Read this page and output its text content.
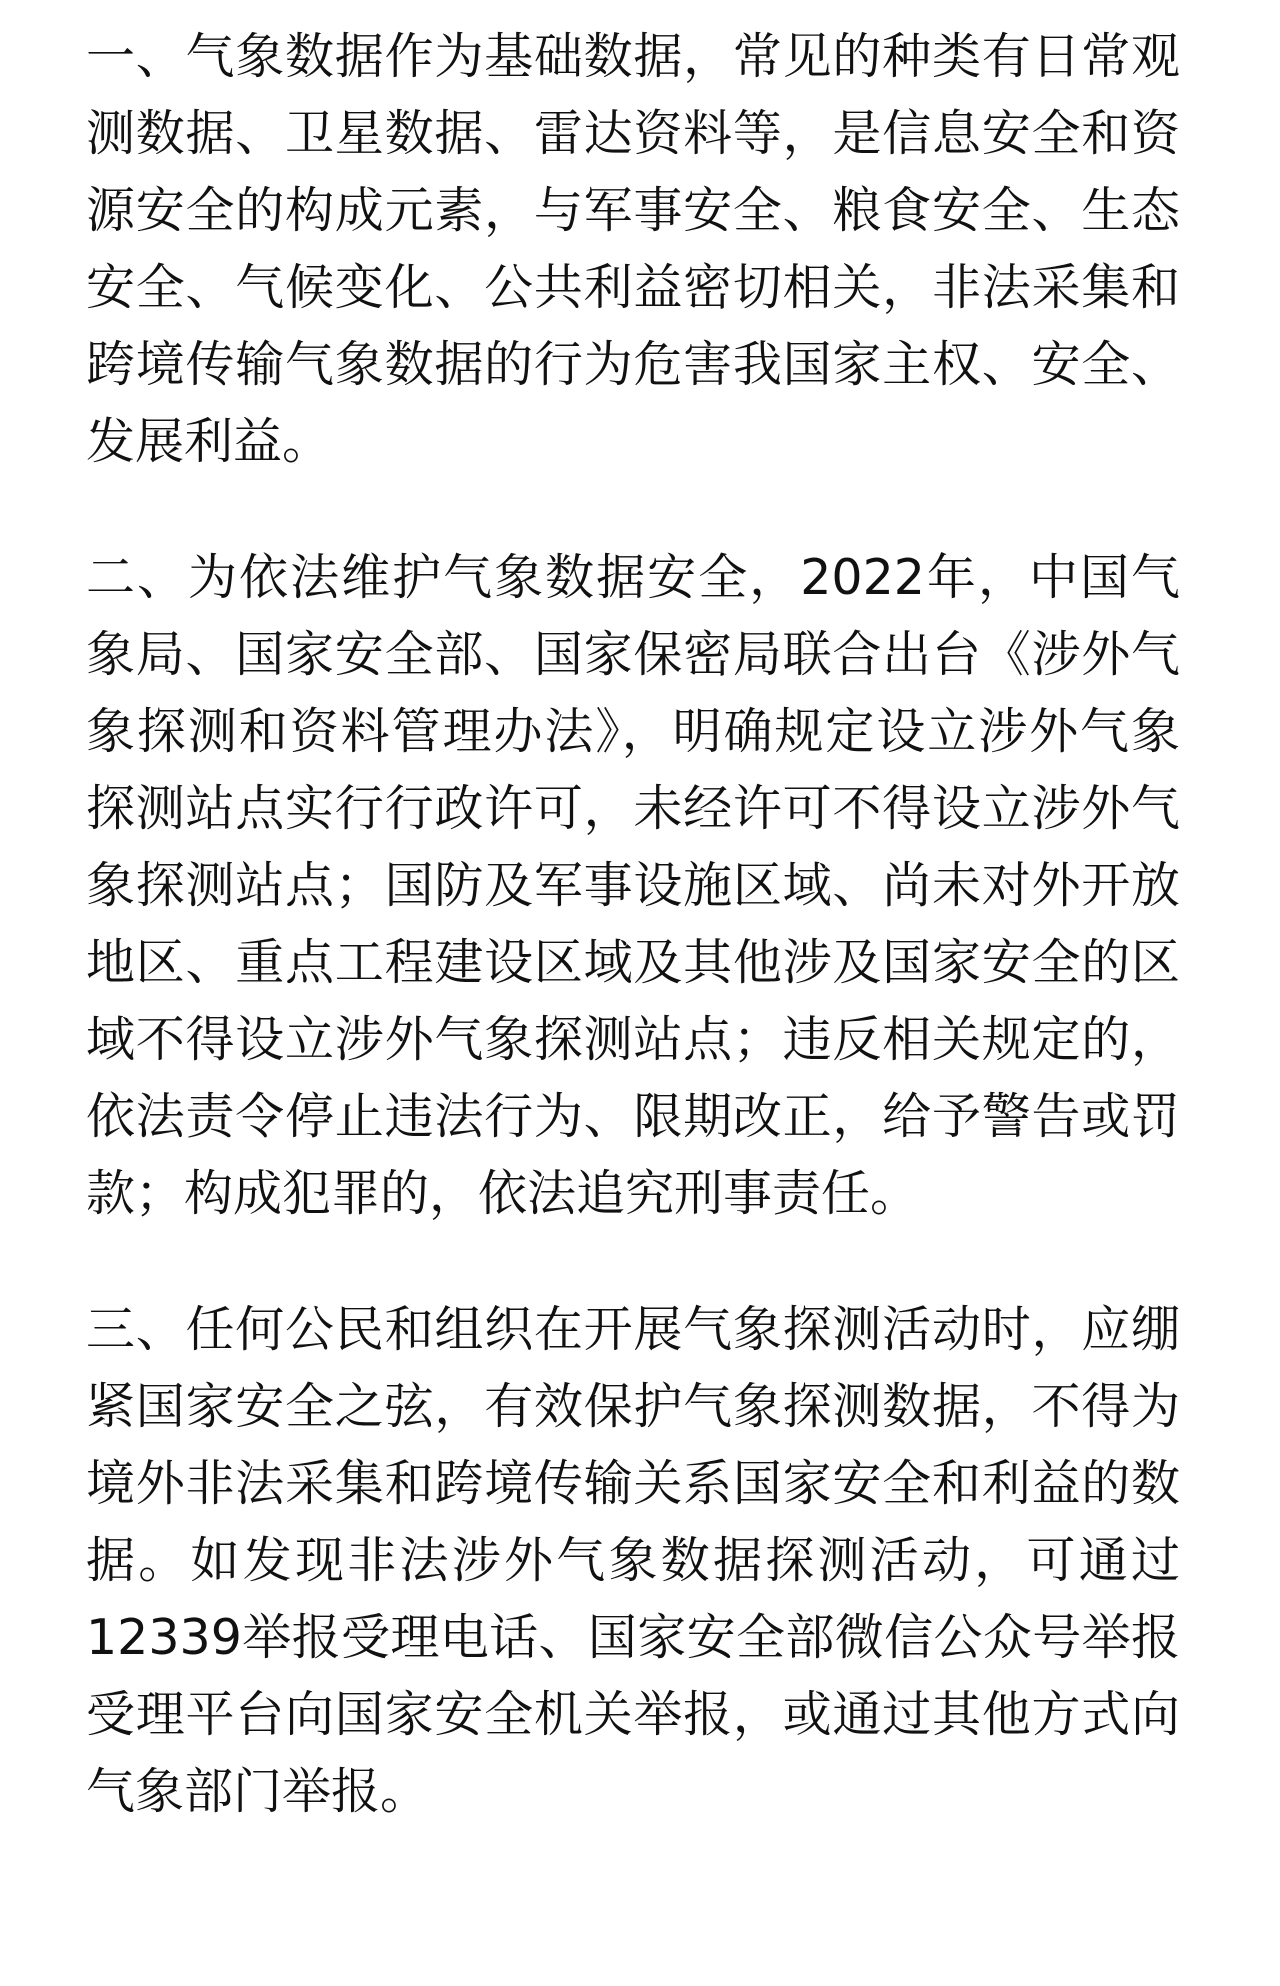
一、气象数据作为基础数据，常见的种类有日常观测数据、卫星数据、雷达资料等，是信息安全和资源安全的构成元素，与军事安全、粮食安全、生态安全、气候变化、公共利益密切相关，非法采集和跨境传输气象数据的行为危害我国家主权、安全、发展利益。

二、为依法维护气象数据安全，2022年，中国气象局、国家安全部、国家保密局联合出台《涉外气象探测和资料管理办法》，明确规定设立涉外气象探测站点实行行政许可，未经许可不得设立涉外气象探测站点；国防及军事设施区域、尚未对外开放地区、重点工程建设区域及其他涉及国家安全的区域不得设立涉外气象探测站点；违反相关规定的，依法责令停止违法行为、限期改正，给予警告或罚款；构成犯罪的，依法追究刑事责任。

三、任何公民和组织在开展气象探测活动时，应绷紧国家安全之弦，有效保护气象探测数据，不得为境外非法采集和跨境传输关系国家安全和利益的数据。如发现非法涉外气象数据探测活动，可通过12339举报受理电话、国家安全部微信公众号举报受理平台向国家安全机关举报，或通过其他方式向气象部门举报。
